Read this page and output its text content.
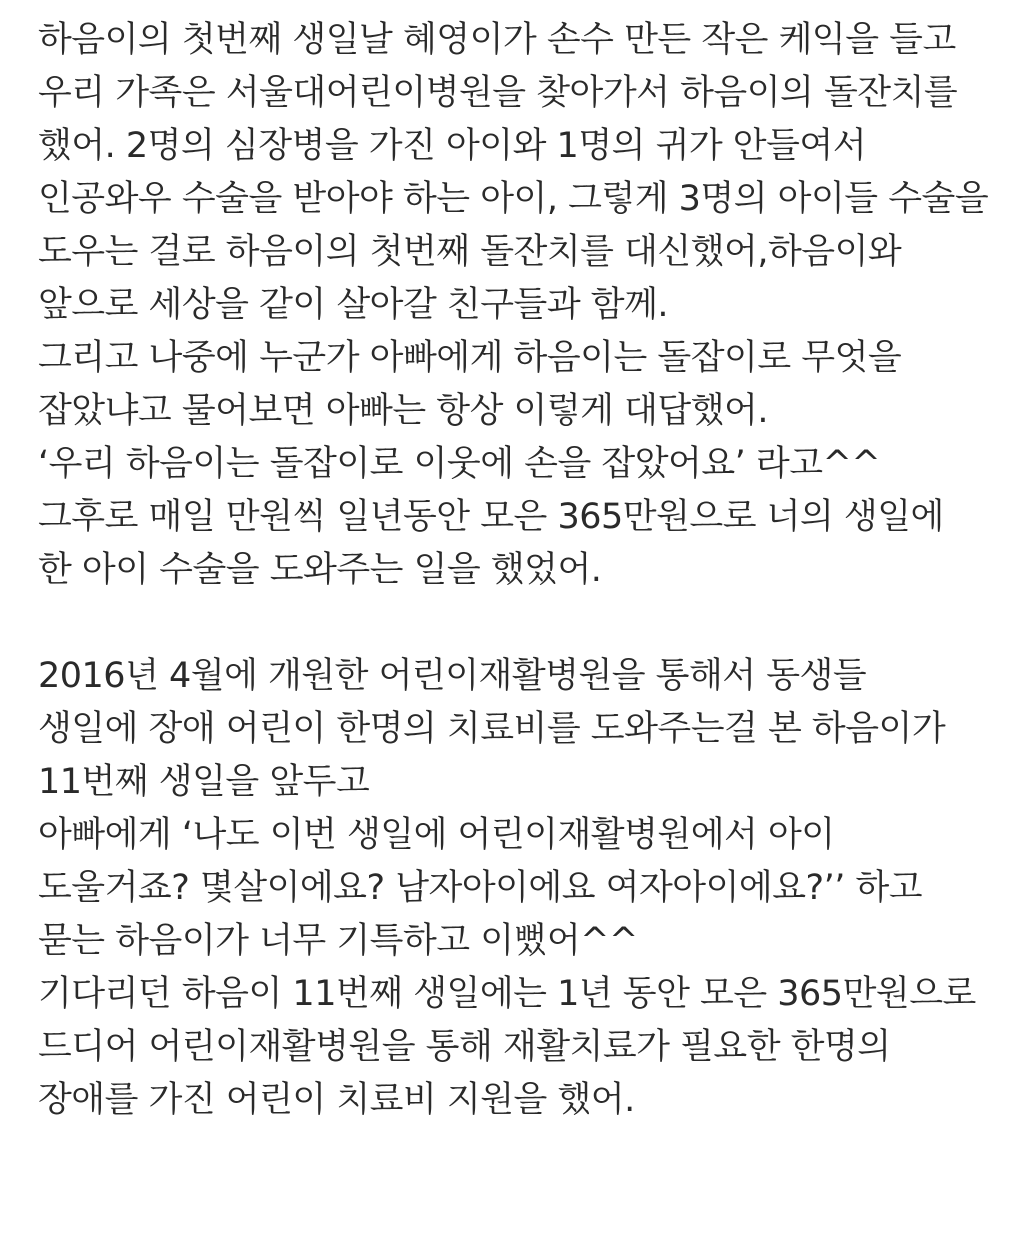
하음이의 첫번째 생일날 혜영이가 손수 만든 작은 케익을 들고
우리 가족은 서울대어린이병원을 찾아가서 하음이의 돌잔치를
했어. 2명의 심장병을 가진 아이와 1명의 귀가 안들여서
인공와우 수술을 받아야 하는 아이, 그렇게 3명의 아이들 수술을
도우는 걸로 하음이의 첫번째 돌잔치를 대신했어,하음이와
앞으로 세상을 같이 살아갈 친구들과 함께.
그리고 나중에 누군가 아빠에게 하음이는 돌잡이로 무엇을
잡았냐고 물어보면 아빠는 항상 이렇게 대답했어.
‘우리 하음이는 돌잡이로 이웃에 손을 잡았어요’ 라고^^
그후로 매일 만원씩 일년동안 모은 365만원으로 너의 생일에
한 아이 수술을 도와주는 일을 했었어.
2016년 4월에 개원한 어린이재활병원을 통해서 동생들
생일에 장애 어린이 한명의 치료비를 도와주는걸 본 하음이가
11번째 생일을 앞두고
아빠에게 ‘나도 이번 생일에 어린이재활병원에서 아이
도울거죠? 몇살이에요? 남자아이에요 여자아이에요?’’ 하고
묻는 하음이가 너무 기특하고 이뻤어^^
기다리던 하음이 11번째 생일에는 1년 동안 모은 365만원으로
드디어 어린이재활병원을 통해 재활치료가 필요한 한명의
장애를 가진 어린이 치료비 지원을 했어.
